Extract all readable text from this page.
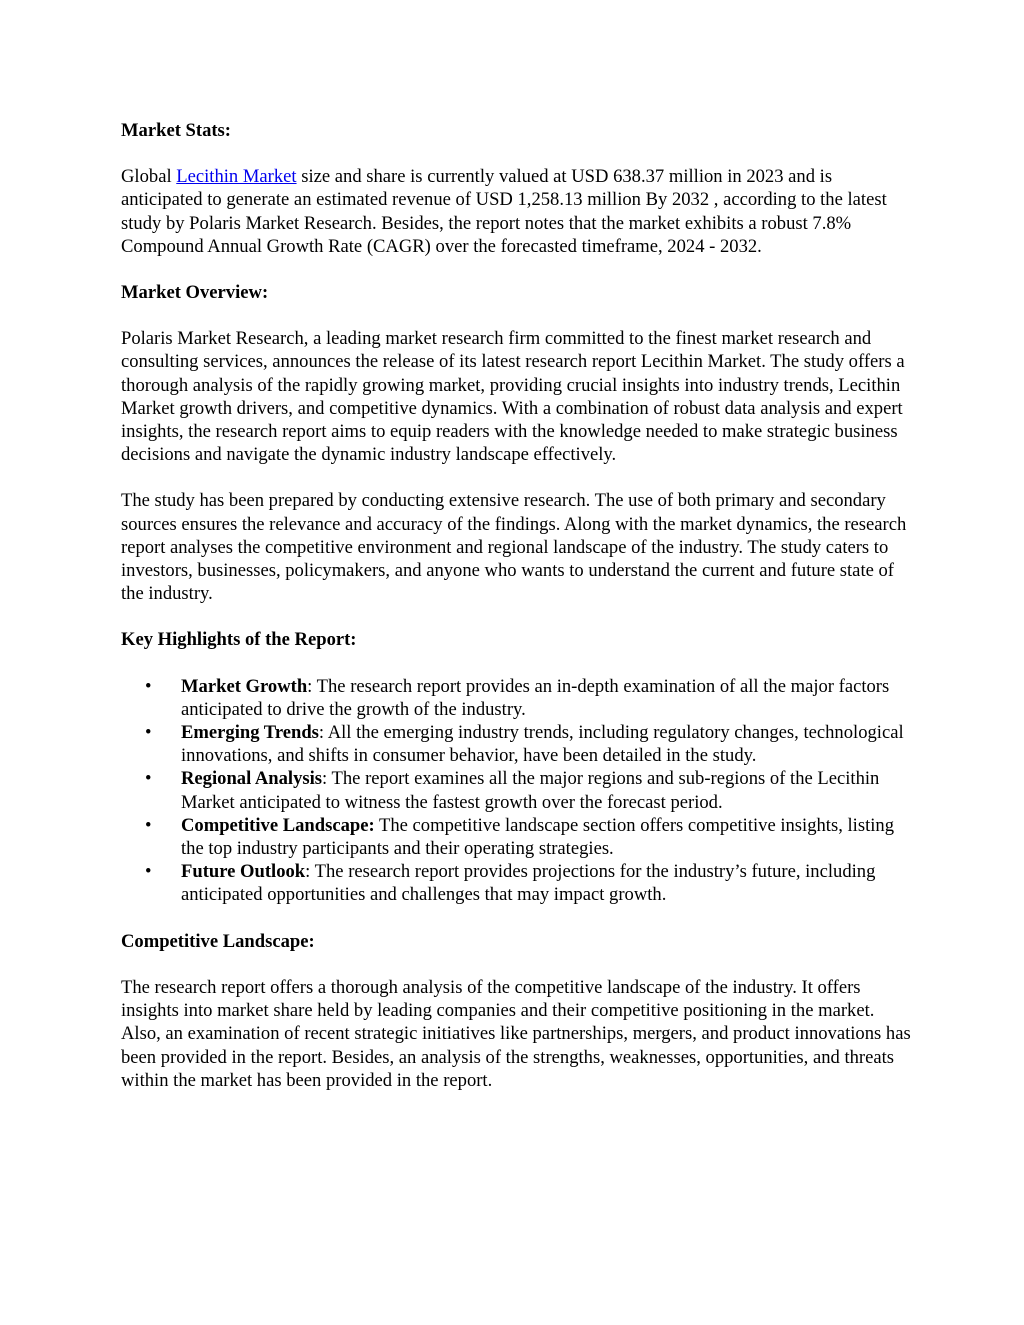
Market Stats:
Global Lecithin Market size and share is currently valued at USD 638.37 million in 2023 and is anticipated to generate an estimated revenue of USD 1,258.13 million By 2032 , according to the latest study by Polaris Market Research. Besides, the report notes that the market exhibits a robust 7.8% Compound Annual Growth Rate (CAGR) over the forecasted timeframe, 2024 - 2032.
Market Overview:
Polaris Market Research, a leading market research firm committed to the finest market research and consulting services, announces the release of its latest research report Lecithin Market. The study offers a thorough analysis of the rapidly growing market, providing crucial insights into industry trends, Lecithin Market growth drivers, and competitive dynamics. With a combination of robust data analysis and expert insights, the research report aims to equip readers with the knowledge needed to make strategic business decisions and navigate the dynamic industry landscape effectively.
The study has been prepared by conducting extensive research. The use of both primary and secondary sources ensures the relevance and accuracy of the findings. Along with the market dynamics, the research report analyses the competitive environment and regional landscape of the industry. The study caters to investors, businesses, policymakers, and anyone who wants to understand the current and future state of the industry.
Key Highlights of the Report:
• Market Growth: The research report provides an in-depth examination of all the major factors anticipated to drive the growth of the industry.
• Emerging Trends: All the emerging industry trends, including regulatory changes, technological innovations, and shifts in consumer behavior, have been detailed in the study.
• Regional Analysis: The report examines all the major regions and sub-regions of the Lecithin Market anticipated to witness the fastest growth over the forecast period.
• Competitive Landscape: The competitive landscape section offers competitive insights, listing the top industry participants and their operating strategies.
• Future Outlook: The research report provides projections for the industry’s future, including anticipated opportunities and challenges that may impact growth.
Competitive Landscape:
The research report offers a thorough analysis of the competitive landscape of the industry. It offers insights into market share held by leading companies and their competitive positioning in the market. Also, an examination of recent strategic initiatives like partnerships, mergers, and product innovations has been provided in the report. Besides, an analysis of the strengths, weaknesses, opportunities, and threats within the market has been provided in the report.
